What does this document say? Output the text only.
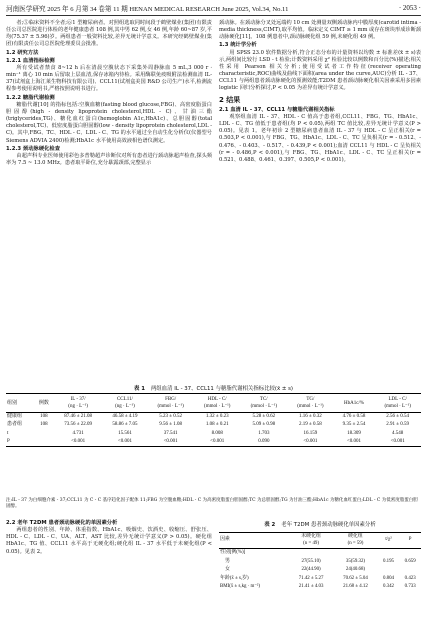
河南医学研究 2025 年 6 月第 34 卷第 11 期 HENAN MEDICAL RESEARCH June 2025, Vol.34, No.11	· 2053 ·

者;⑤临床资料不全者;⑥1 型糖尿病者。对照组选取同时间段于鹤壁煤业(集团)有限责任公司总医院进行体检的老年健康患者 108 例,其中男 62 例,女 46 例,年龄 60~87 岁,平均(75.37 ± 5.96)岁。两组患者一般资料比较,差异无统计学意义。本研究经鹤壁煤业(集团)有限责任公司总医院伦理委员会批准。

1.2 研究方法

1.2.1 血清指标检测

所有受试者禁食 8~12 h 后在清晨空腹状态下采集外周静脉血 5 mL,3 000 r · min⁻¹ 离心 10 min 后留取上层血清,保存冰箱内待检。采用酶联免疫吸附法检测血清 IL-37(试剂盒上海江莱生物科技有限公司)、CCL11(试剂盒美国 R&D 公司生产)水平,检测流程参考使用说明书,严格按照说明书进行。

1.2.2 糖脂代谢检测

糖脂代谢[10] 的指标包括:空腹血糖(fasting blood glucose,FBG)、高密度脂蛋白胆固醇(high - density lipoprotein cholesterol,HDL - C)、甘油三酯(triglycerides,TG)、糖化血红蛋白(hemoglobin A1c,HbA1c)、总胆固醇(total cholesterol,TC)、低密度脂蛋白胆固醇(low - density lipoprotein cholesterol,LDL - C)。其中,FBG、TC、HDL - C、LDL - C、TG 的水平通过全自动生化分析仪(仪器型号 Siemens ADVIA 2400)检测;HbA1c 水平使用高效液相色谱仪测定。

1.2.3 颈动脉硬化检查

由超声科专业医师使用彩色多普勒超声诊断仪对所有患者进行颈动脉超声检查,探头频率为 7.5 ~ 13.0 MHz。患者取平卧位,充分暴露颈部,完整显示

颈动脉。在颈动脉分叉处远端约 10 cm 处测量双侧颈动脉内中膜厚度(carotid intima - media thickness,CIMT),取平均值。临床定义 CIMT ≥ 1 mm 或存在斑块形成诊断颈动脉硬化[11]。108 例患者中,颈动脉硬化组 59 例,未硬化组 49 例。

1.3 统计学分析

用 SPSS 23.0 软件数据分析,符合正态分布的计量资料以均数 ± 标准差(x̄ ± s)表示,两组间比较行 LSD - t 检验;计数资料采用 χ² 检验比较以例数和百分比(%)描述;相关性采用 Pearson 相关分析;使用受试者工作特征(receiver operating characteristic,ROC)曲线及曲线下面积(area under the curve,AUC)分析 IL - 37、CCL11 与两组患者颈动脉硬化的预测效能;T2DM 患者颈动脉硬化相关因素采用多因素 logistic 回归分析探讨,P < 0.05 为差异有统计学意义。

2 结果

2.1 血清 IL - 37、CCL11 与糖脂代谢相关指标

观察组血清 IL - 37、HDL - C 值高于患者组,CCL11、FBG、TG、HbA1c、LDL - C、TG 值低于患者组(均 P < 0.05),两组 TC 值比较,差异无统计学意义(P > 0.05)。见表 1。老年初诊 2 型糖尿病患者血清 IL - 37 与 HDL - C 呈正相关(r = 0.503,P < 0.001),与 FBG、TG、HbA1c、LDL - C、TC 呈负相关(r = - 0.512、- 0.476、- 0.403、- 0.517、- 0.439,P < 0.001);血清 CCL11 与 HDL - C 呈负相关(r = - 0.486,P < 0.001),与 FBG、TG、HbA1c、LDL - C、TC 呈正相关(r = 0.521、0.488、0.461、0.397、0.505,P < 0.001)。

表 1 两组血清 IL - 37、CCL11 与糖脂代谢相关指标比较(x̄ ± s)
组别	例数	IL - 37/
(ng · L⁻¹)	CCL11/
(ng · L⁻¹)	FBG/
(mmol · L⁻¹)	HDL - C/
(mmol · L⁻¹)	TC/
(mmol · L⁻¹)	TG/
(mmol · L⁻¹)	HbA1c/%	LDL - C/
(mmol · L⁻¹)
健康组	108	87.46 ± 21.08	46.58 ± 4.19	5.23 ± 0.52	1.32 ± 0.23	5.28 ± 0.62	1.16 ± 0.32	4.76 ± 0.58	2.56 ± 0.54
患者组	108	73.56 ± 22.09	58.86 ± 7.05	9.56 ± 1.08	1.08 ± 0.21	5.09 ± 0.98	2.19 ± 0.58	9.35 ± 2.54	2.91 ± 0.59
t		4.731	15.561	37.541	8.008	1.703	16.159	18.309	4.548
P		<0.001	<0.001	<0.001	<0.001	0.090	<0.001	<0.001	<0.001
注:IL - 37 为白细胞介素 - 37;CCL11 为 C - C 基序趋化因子配体 11;FBG 为空腹血糖;HDL - C 为高密度脂蛋白胆固醇;TC 为总胆固醇;TG 为甘油三酯;HbA1c 为糖化血红蛋白;LDL - C 为低密度脂蛋白胆固醇。

2.2 老年 T2DM 患者颈动脉硬化的单因素分析

两组患者的性别、年龄、体重指数、HbA1c、吸烟史、饮酒史、收缩压、舒张压、HDL - C、LDL - C、UA、ALT、AST 比较,差异无统计学意义(P > 0.05)。硬化组 HbA1c、TG 值、CCL11 水平高于无硬化组;硬化组 IL - 37 水平低于未硬化组(P < 0.05)。见表 2。

表 2 老年 T2DM 患者颈动脉硬化单因素分析
因素	未硬化组
(n = 49)	硬化组
(n = 59)	t/χ²	P

性别[例(%)]				
男	27(55.10)	35(59.32)	0.195	0.659
女	22(44.90)	24(40.68)		
年龄(x̄ ± s,岁)	71.42 ± 5.27	70.62 ± 5.04	0.804	0.423
BMI(x̄ ± s,kg · m⁻²)	21.41 ± 4.03	21.68 ± 4.12	0.342	0.733
